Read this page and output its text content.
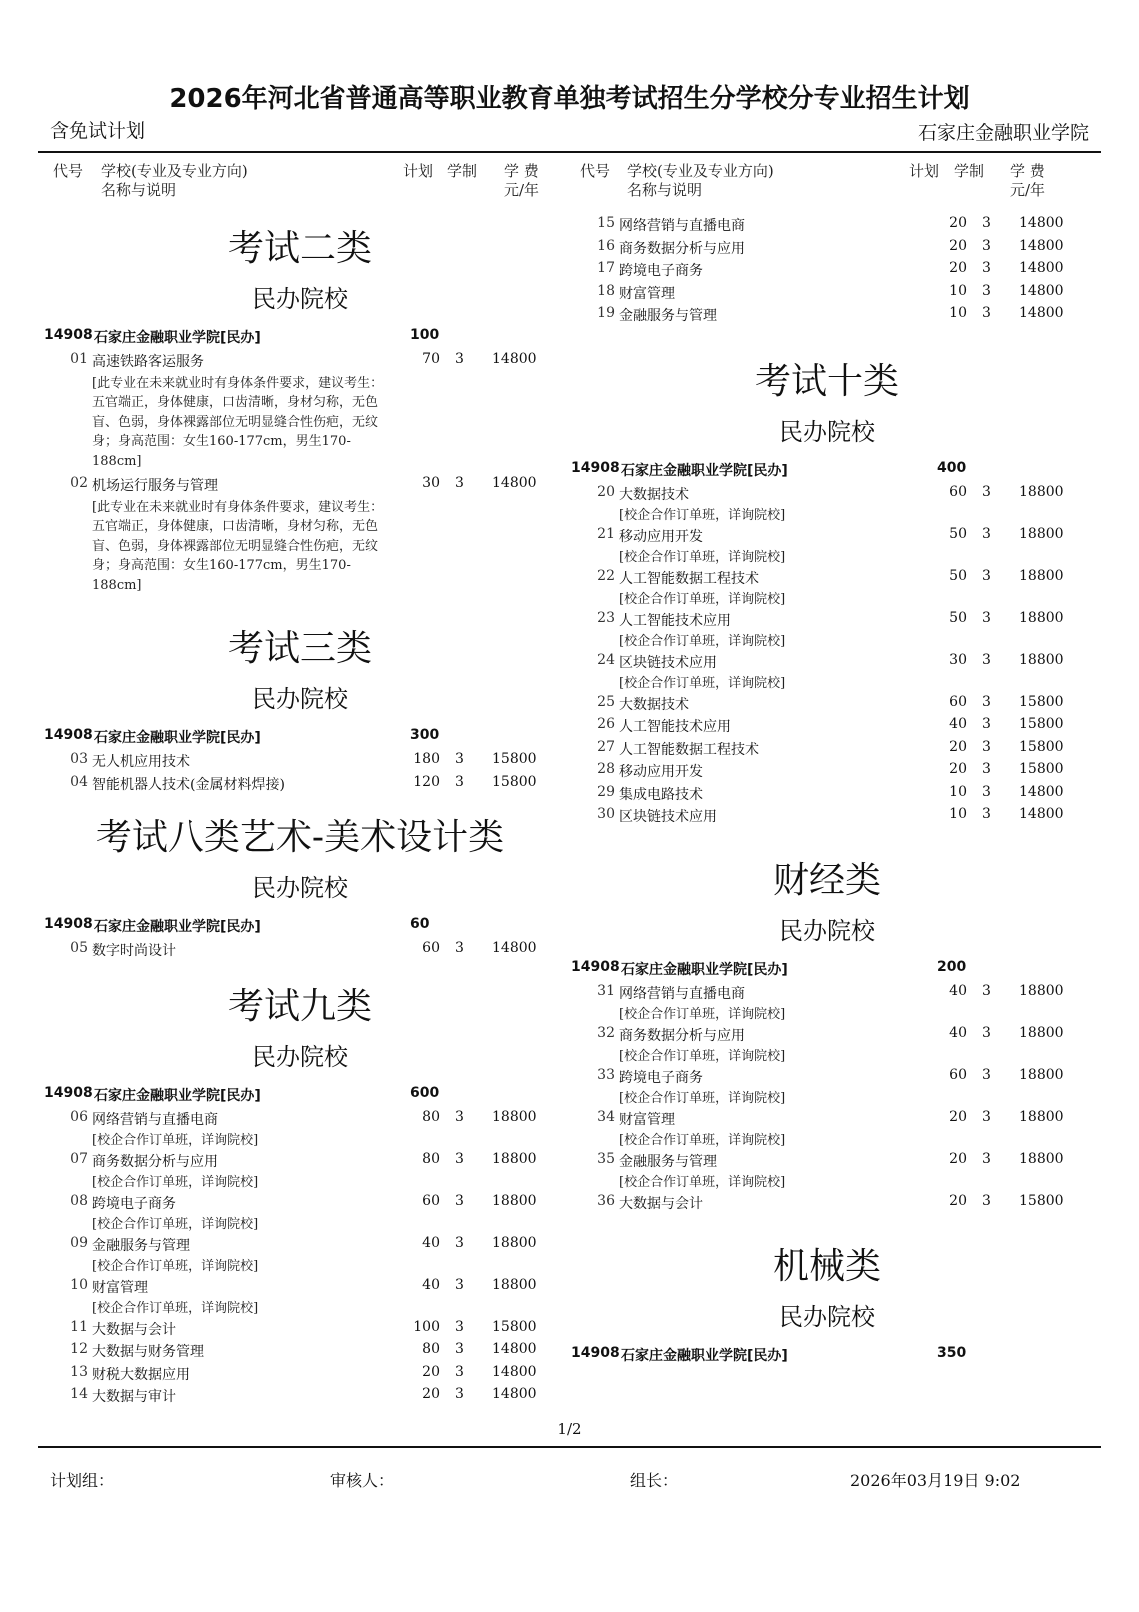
2026年河北省普通高等职业教育单独考试招生分学校分专业招生计划
含免试计划	石家庄金融职业学院
代号 学校(专业及专业方向)
名称与说明
计划 学制 学 费
元/年
代号 学校(专业及专业方向)
名称与说明
计划 学制 学 费
元/年
考试二类
民办院校
14908 石家庄金融职业学院[民办]	100
01 高速铁路客运服务	70 3 14800
[此专业在未来就业时有身体条件要求，建议考生：五官端正，身体健康，口齿清晰，身材匀称，无色盲、色弱，身体裸露部位无明显缝合性伤疤，无纹身；身高范围：女生160-177cm，男生170-188cm]
02 机场运行服务与管理	30 3 14800
[此专业在未来就业时有身体条件要求，建议考生：五官端正，身体健康，口齿清晰，身材匀称，无色盲、色弱，身体裸露部位无明显缝合性伤疤，无纹身；身高范围：女生160-177cm，男生170-188cm]
考试三类
民办院校
14908 石家庄金融职业学院[民办]	300
03 无人机应用技术	180 3 15800
04 智能机器人技术(金属材料焊接)	120 3 15800
考试八类艺术-美术设计类
民办院校
14908 石家庄金融职业学院[民办]	60
05 数字时尚设计	60 3 14800
考试九类
民办院校
14908 石家庄金融职业学院[民办]	600
06 网络营销与直播电商	80 3 18800
[校企合作订单班，详询院校]
07 商务数据分析与应用	80 3 18800
[校企合作订单班，详询院校]
08 跨境电子商务	60 3 18800
[校企合作订单班，详询院校]
09 金融服务与管理	40 3 18800
[校企合作订单班，详询院校]
10 财富管理	40 3 18800
[校企合作订单班，详询院校]
11 大数据与会计	100 3 15800
12 大数据与财务管理	80 3 14800
13 财税大数据应用	20 3 14800
14 大数据与审计	20 3 14800
15 网络营销与直播电商	20 3 14800
16 商务数据分析与应用	20 3 14800
17 跨境电子商务	20 3 14800
18 财富管理	10 3 14800
19 金融服务与管理	10 3 14800
考试十类
民办院校
14908 石家庄金融职业学院[民办]	400
20 大数据技术	60 3 18800
[校企合作订单班，详询院校]
21 移动应用开发	50 3 18800
[校企合作订单班，详询院校]
22 人工智能数据工程技术	50 3 18800
[校企合作订单班，详询院校]
23 人工智能技术应用	50 3 18800
[校企合作订单班，详询院校]
24 区块链技术应用	30 3 18800
[校企合作订单班，详询院校]
25 大数据技术	60 3 15800
26 人工智能技术应用	40 3 15800
27 人工智能数据工程技术	20 3 15800
28 移动应用开发	20 3 15800
29 集成电路技术	10 3 14800
30 区块链技术应用	10 3 14800
财经类
民办院校
14908 石家庄金融职业学院[民办]	200
31 网络营销与直播电商	40 3 18800
[校企合作订单班，详询院校]
32 商务数据分析与应用	40 3 18800
[校企合作订单班，详询院校]
33 跨境电子商务	60 3 18800
[校企合作订单班，详询院校]
34 财富管理	20 3 18800
[校企合作订单班，详询院校]
35 金融服务与管理	20 3 18800
[校企合作订单班，详询院校]
36 大数据与会计	20 3 15800
机械类
民办院校
14908 石家庄金融职业学院[民办]	350
1/2
计划组：	审核人：	组长：	2026年03月19日 9:02
